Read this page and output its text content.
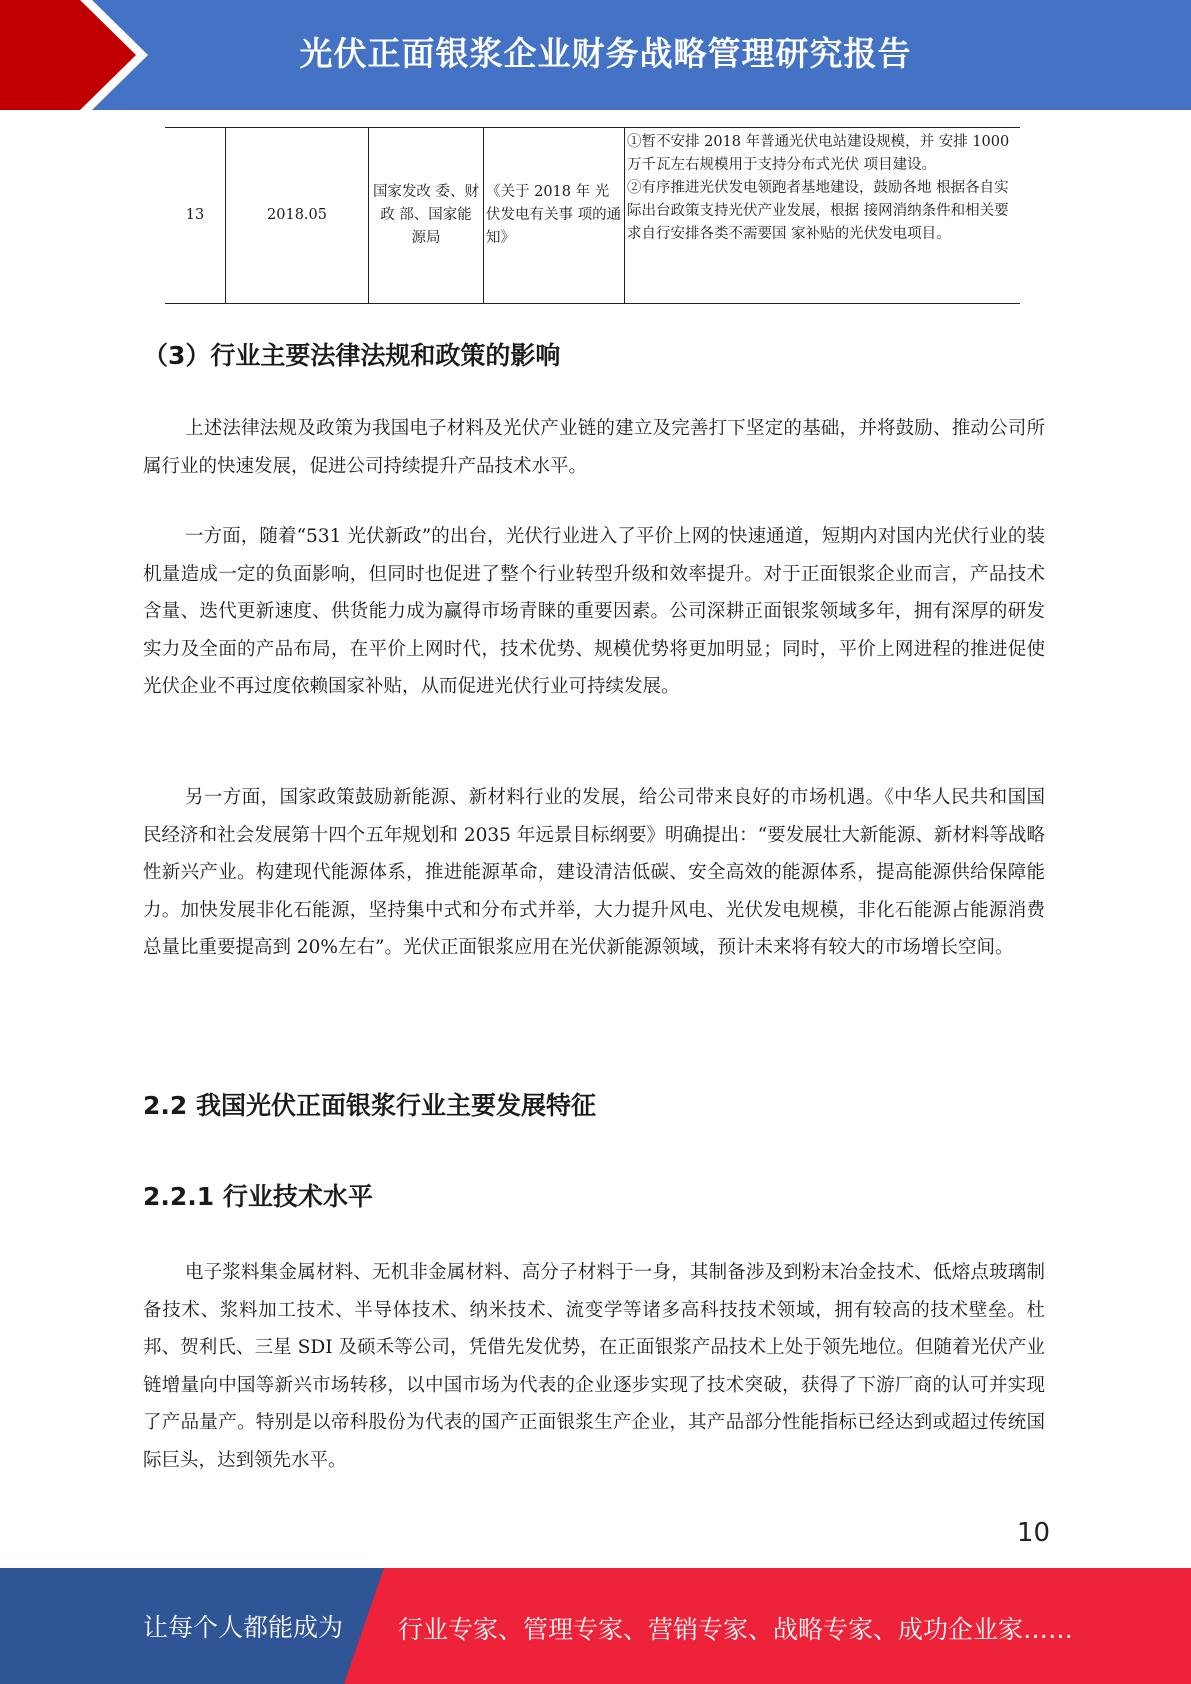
光伏正面银浆企业财务战略管理研究报告
13	2018.05	国家发改 委、财政 部、国家能 源局	《关于 2018 年 光伏发电有关事 项的通知》	
①暂不安排 2018 年普通光伏电站建设规模，并 安排 1000 万千瓦左右规模用于支持分布式光伏 项目建设。
②有序推进光伏发电领跑者基地建设，鼓励各地 根据各自实际出台政策支持光伏产业发展，根据 接网消纳条件和相关要求自行安排各类不需要国 家补贴的光伏发电项目。
（3）行业主要法律法规和政策的影响

上述法律法规及政策为我国电子材料及光伏产业链的建立及完善打下坚定的基础，并将鼓励、推动公司所属行业的快速发展，促进公司持续提升产品技术水平。

一方面，随着“531 光伏新政”的出台，光伏行业进入了平价上网的快速通道，短期内对国内光伏行业的装机量造成一定的负面影响，但同时也促进了整个行业转型升级和效率提升。对于正面银浆企业而言，产品技术含量、迭代更新速度、供货能力成为赢得市场青睐的重要因素。公司深耕正面银浆领域多年，拥有深厚的研发实力及全面的产品布局，在平价上网时代，技术优势、规模优势将更加明显；同时，平价上网进程的推进促使光伏企业不再过度依赖国家补贴，从而促进光伏行业可持续发展。

另一方面，国家政策鼓励新能源、新材料行业的发展，给公司带来良好的市场机遇。《中华人民共和国国民经济和社会发展第十四个五年规划和 2035 年远景目标纲要》明确提出：“要发展壮大新能源、新材料等战略性新兴产业。构建现代能源体系，推进能源革命，建设清洁低碳、安全高效的能源体系，提高能源供给保障能力。加快发展非化石能源，坚持集中式和分布式并举，大力提升风电、光伏发电规模，非化石能源占能源消费总量比重要提高到 20%左右”。光伏正面银浆应用在光伏新能源领域，预计未来将有较大的市场增长空间。

2.2 我国光伏正面银浆行业主要发展特征
2.2.1 行业技术水平

电子浆料集金属材料、无机非金属材料、高分子材料于一身，其制备涉及到粉末冶金技术、低熔点玻璃制备技术、浆料加工技术、半导体技术、纳米技术、流变学等诸多高科技技术领域，拥有较高的技术壁垒。杜邦、贺利氏、三星 SDI 及硕禾等公司，凭借先发优势，在正面银浆产品技术上处于领先地位。但随着光伏产业链增量向中国等新兴市场转移，以中国市场为代表的企业逐步实现了技术突破，获得了下游厂商的认可并实现了产品量产。特别是以帝科股份为代表的国产正面银浆生产企业，其产品部分性能指标已经达到或超过传统国际巨头，达到领先水平。

10
让每个人都能成为 行业专家、管理专家、营销专家、战略专家、成功企业家……
